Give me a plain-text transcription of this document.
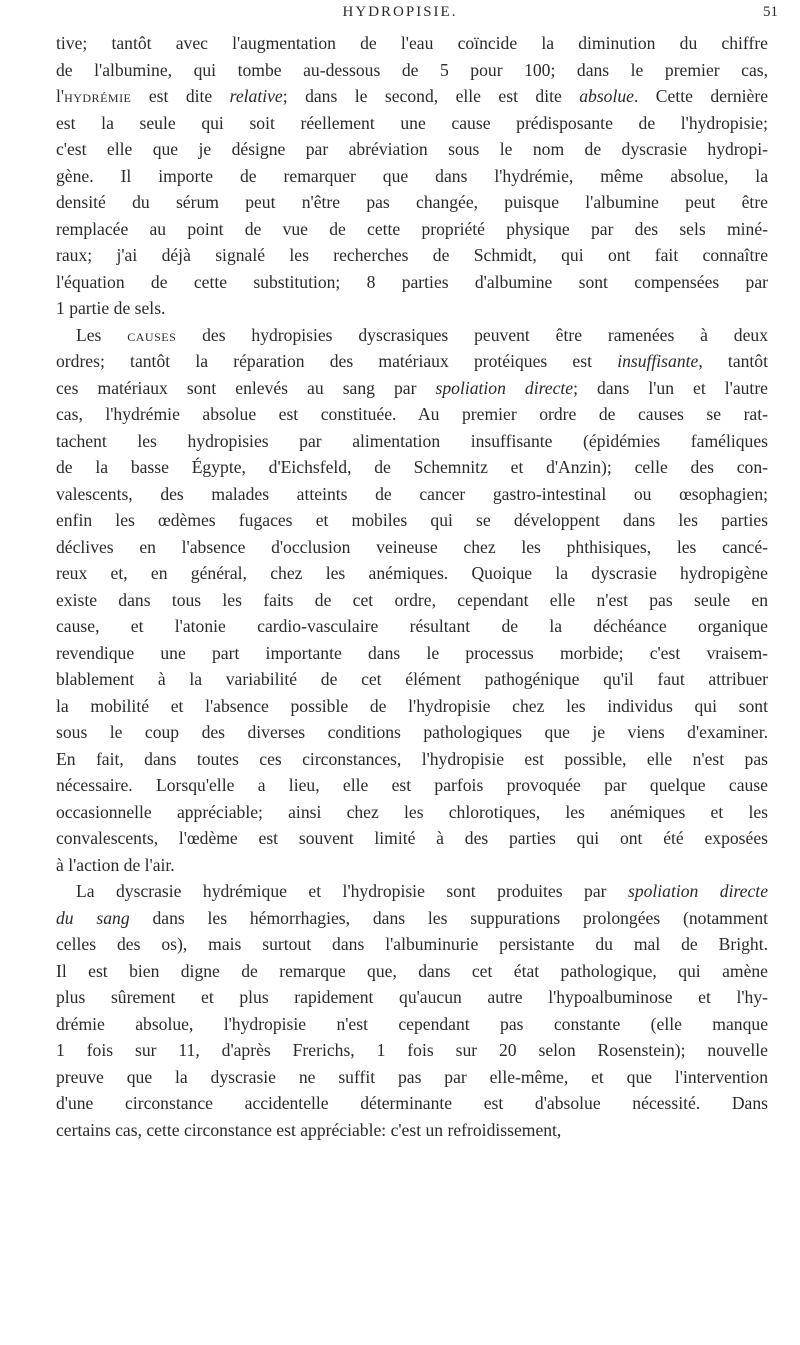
HYDROPISIE.	51
tive; tantôt avec l'augmentation de l'eau coïncide la diminution du chiffre
de l'albumine, qui tombe au-dessous de 5 pour 100; dans le premier cas,
l'hydrémie est dite relative; dans le second, elle est dite absolue. Cette dernière
est la seule qui soit réellement une cause prédisposante de l'hydropisie;
c'est elle que je désigne par abréviation sous le nom de dyscrasie hydropi-
gène. Il importe de remarquer que dans l'hydrémie, même absolue, la
densité du sérum peut n'être pas changée, puisque l'albumine peut être
remplacée au point de vue de cette propriété physique par des sels miné-
raux; j'ai déjà signalé les recherches de Schmidt, qui ont fait connaître
l'équation de cette substitution; 8 parties d'albumine sont compensées par
1 partie de sels.
Les causes des hydropisies dyscrasiques peuvent être ramenées à deux
ordres; tantôt la réparation des matériaux protéiques est insuffisante, tantôt
ces matériaux sont enlevés au sang par spoliation directe; dans l'un et l'autre
cas, l'hydrémie absolue est constituée. Au premier ordre de causes se rat-
tachent les hydropisies par alimentation insuffisante (épidémies faméliques
de la basse Égypte, d'Eichsfeld, de Schemnitz et d'Anzin); celle des con-
valescents, des malades atteints de cancer gastro-intestinal ou œsophagien;
enfin les œdèmes fugaces et mobiles qui se développent dans les parties
déclives en l'absence d'occlusion veineuse chez les phthisiques, les cancé-
reux et, en général, chez les anémiques. Quoique la dyscrasie hydropigène
existe dans tous les faits de cet ordre, cependant elle n'est pas seule en
cause, et l'atonie cardio-vasculaire résultant de la déchéance organique
revendique une part importante dans le processus morbide; c'est vraisem-
blablement à la variabilité de cet élément pathogénique qu'il faut attribuer
la mobilité et l'absence possible de l'hydropisie chez les individus qui sont
sous le coup des diverses conditions pathologiques que je viens d'examiner.
En fait, dans toutes ces circonstances, l'hydropisie est possible, elle n'est pas
nécessaire. Lorsqu'elle a lieu, elle est parfois provoquée par quelque cause
occasionnelle appréciable; ainsi chez les chlorotiques, les anémiques et les
convalescents, l'œdème est souvent limité à des parties qui ont été exposées
à l'action de l'air.
La dyscrasie hydrémique et l'hydropisie sont produites par spoliation directe
du sang dans les hémorrhagies, dans les suppurations prolongées (notamment
celles des os), mais surtout dans l'albuminurie persistante du mal de Bright.
Il est bien digne de remarque que, dans cet état pathologique, qui amène
plus sûrement et plus rapidement qu'aucun autre l'hypoalbuminose et l'hy-
drémie absolue, l'hydropisie n'est cependant pas constante (elle manque
1 fois sur 11, d'après Frerichs, 1 fois sur 20 selon Rosenstein); nouvelle
preuve que la dyscrasie ne suffit pas par elle-même, et que l'intervention
d'une circonstance accidentelle déterminante est d'absolue nécessité. Dans
certains cas, cette circonstance est appréciable: c'est un refroidissement,
